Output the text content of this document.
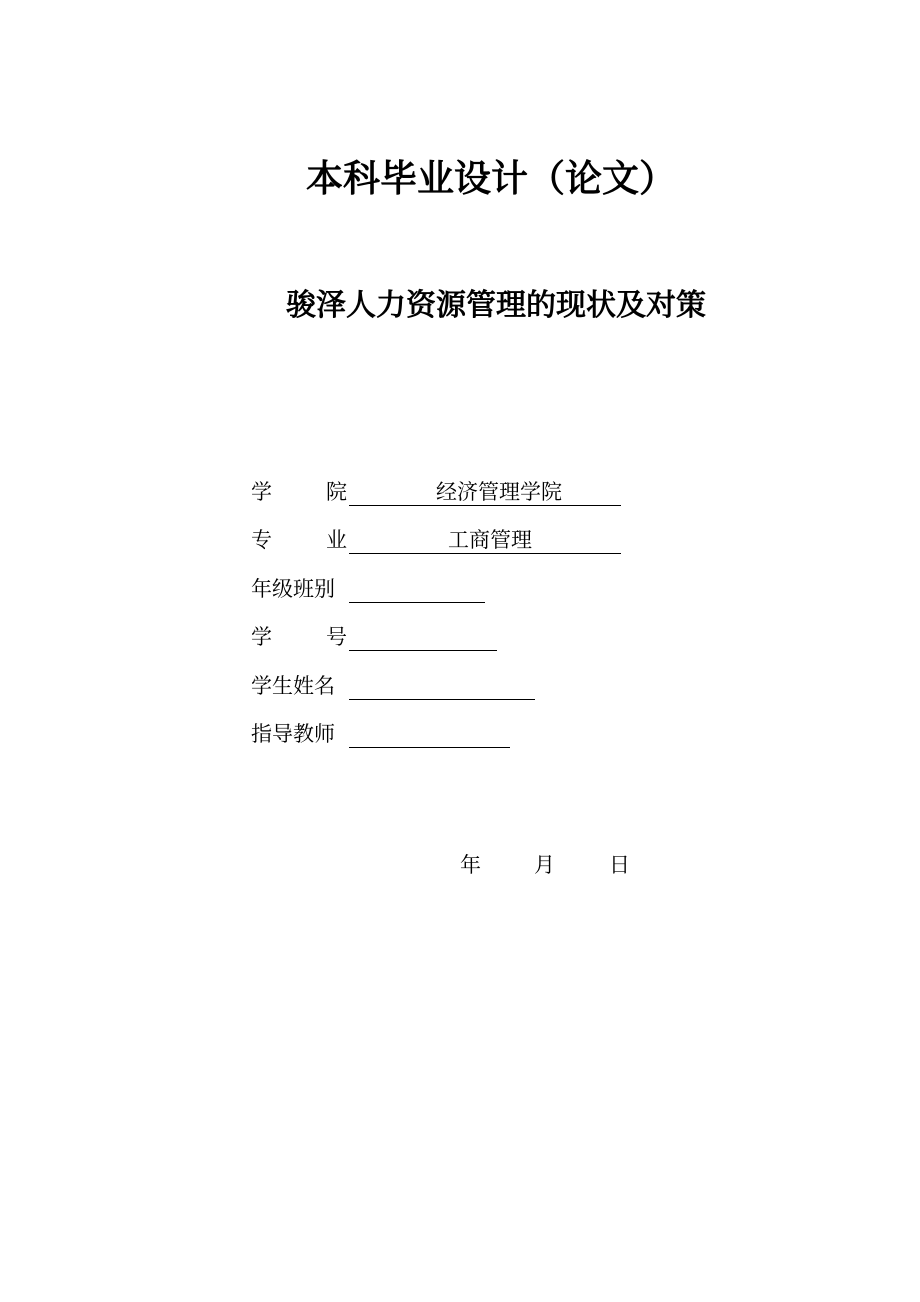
本科毕业设计（论文）
骏泽人力资源管理的现状及对策
学	院	经济管理学院
专	业	工商管理
年级班别
学	号
学生姓名
指导教师
年	月	日
